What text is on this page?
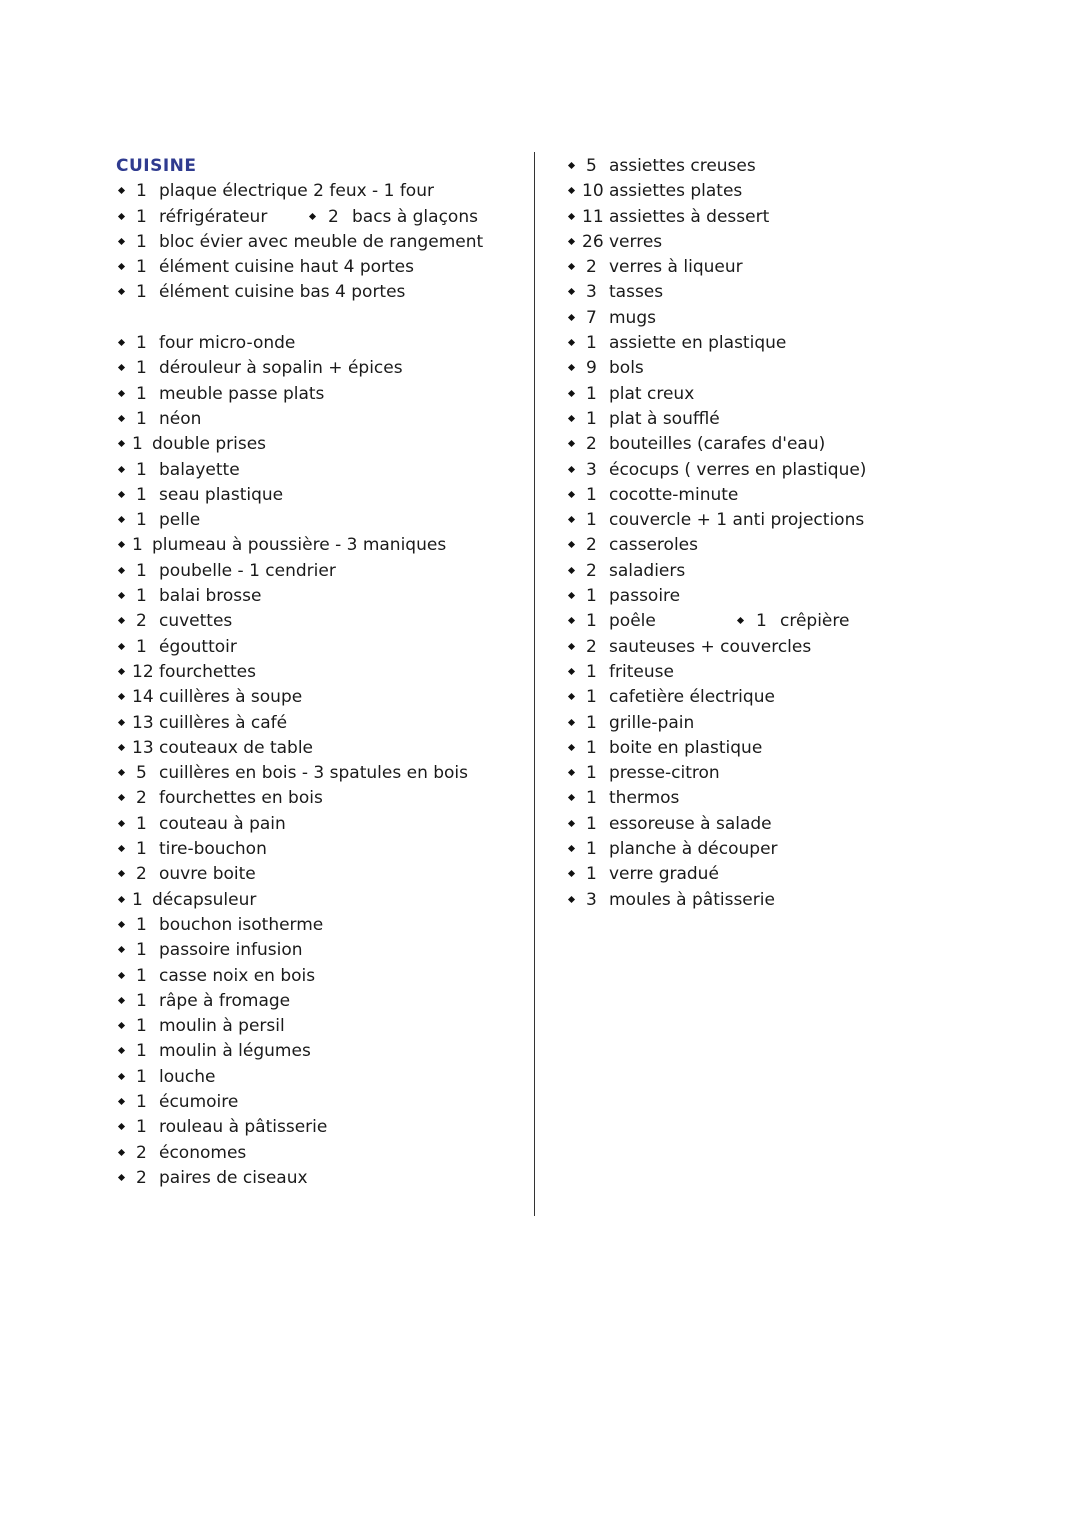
CUISINE
1 plaque électrique 2 feux - 1 four
1 réfrigérateur	2 bacs à glaçons
1 bloc évier avec meuble de rangement
1 élément cuisine haut 4 portes
1 élément cuisine bas 4 portes
1 four micro-onde
1 dérouleur à sopalin + épices
1 meuble passe plats
1 néon
1 double prises
1 balayette
1 seau plastique
1 pelle
1 plumeau à poussière - 3 maniques
1 poubelle - 1 cendrier
1 balai brosse
2 cuvettes
1 égouttoir
12 fourchettes
14 cuillères à soupe
13 cuillères à café
13 couteaux de table
5 cuillères en bois - 3 spatules en bois
2 fourchettes en bois
1 couteau à pain
1 tire-bouchon
2 ouvre boite
1 décapsuleur
1 bouchon isotherme
1 passoire infusion
1 casse noix en bois
1 râpe à fromage
1 moulin à persil
1 moulin à légumes
1 louche
1 écumoire
1 rouleau à pâtisserie
2 économes
2 paires de ciseaux
5 assiettes creuses
10 assiettes plates
11 assiettes à dessert
26 verres
2 verres à liqueur
3 tasses
7 mugs
1 assiette en plastique
9 bols
1 plat creux
1 plat à soufflé
2 bouteilles (carafes d'eau)
3 écocups ( verres en plastique)
1 cocotte-minute
1 couvercle + 1 anti projections
2 casseroles
2 saladiers
1 passoire
1 poêle	1 crêpière
2 sauteuses + couvercles
1 friteuse
1 cafetière électrique
1 grille-pain
1 boite en plastique
1 presse-citron
1 thermos
1 essoreuse à salade
1 planche à découper
1 verre gradué
3 moules à pâtisserie
